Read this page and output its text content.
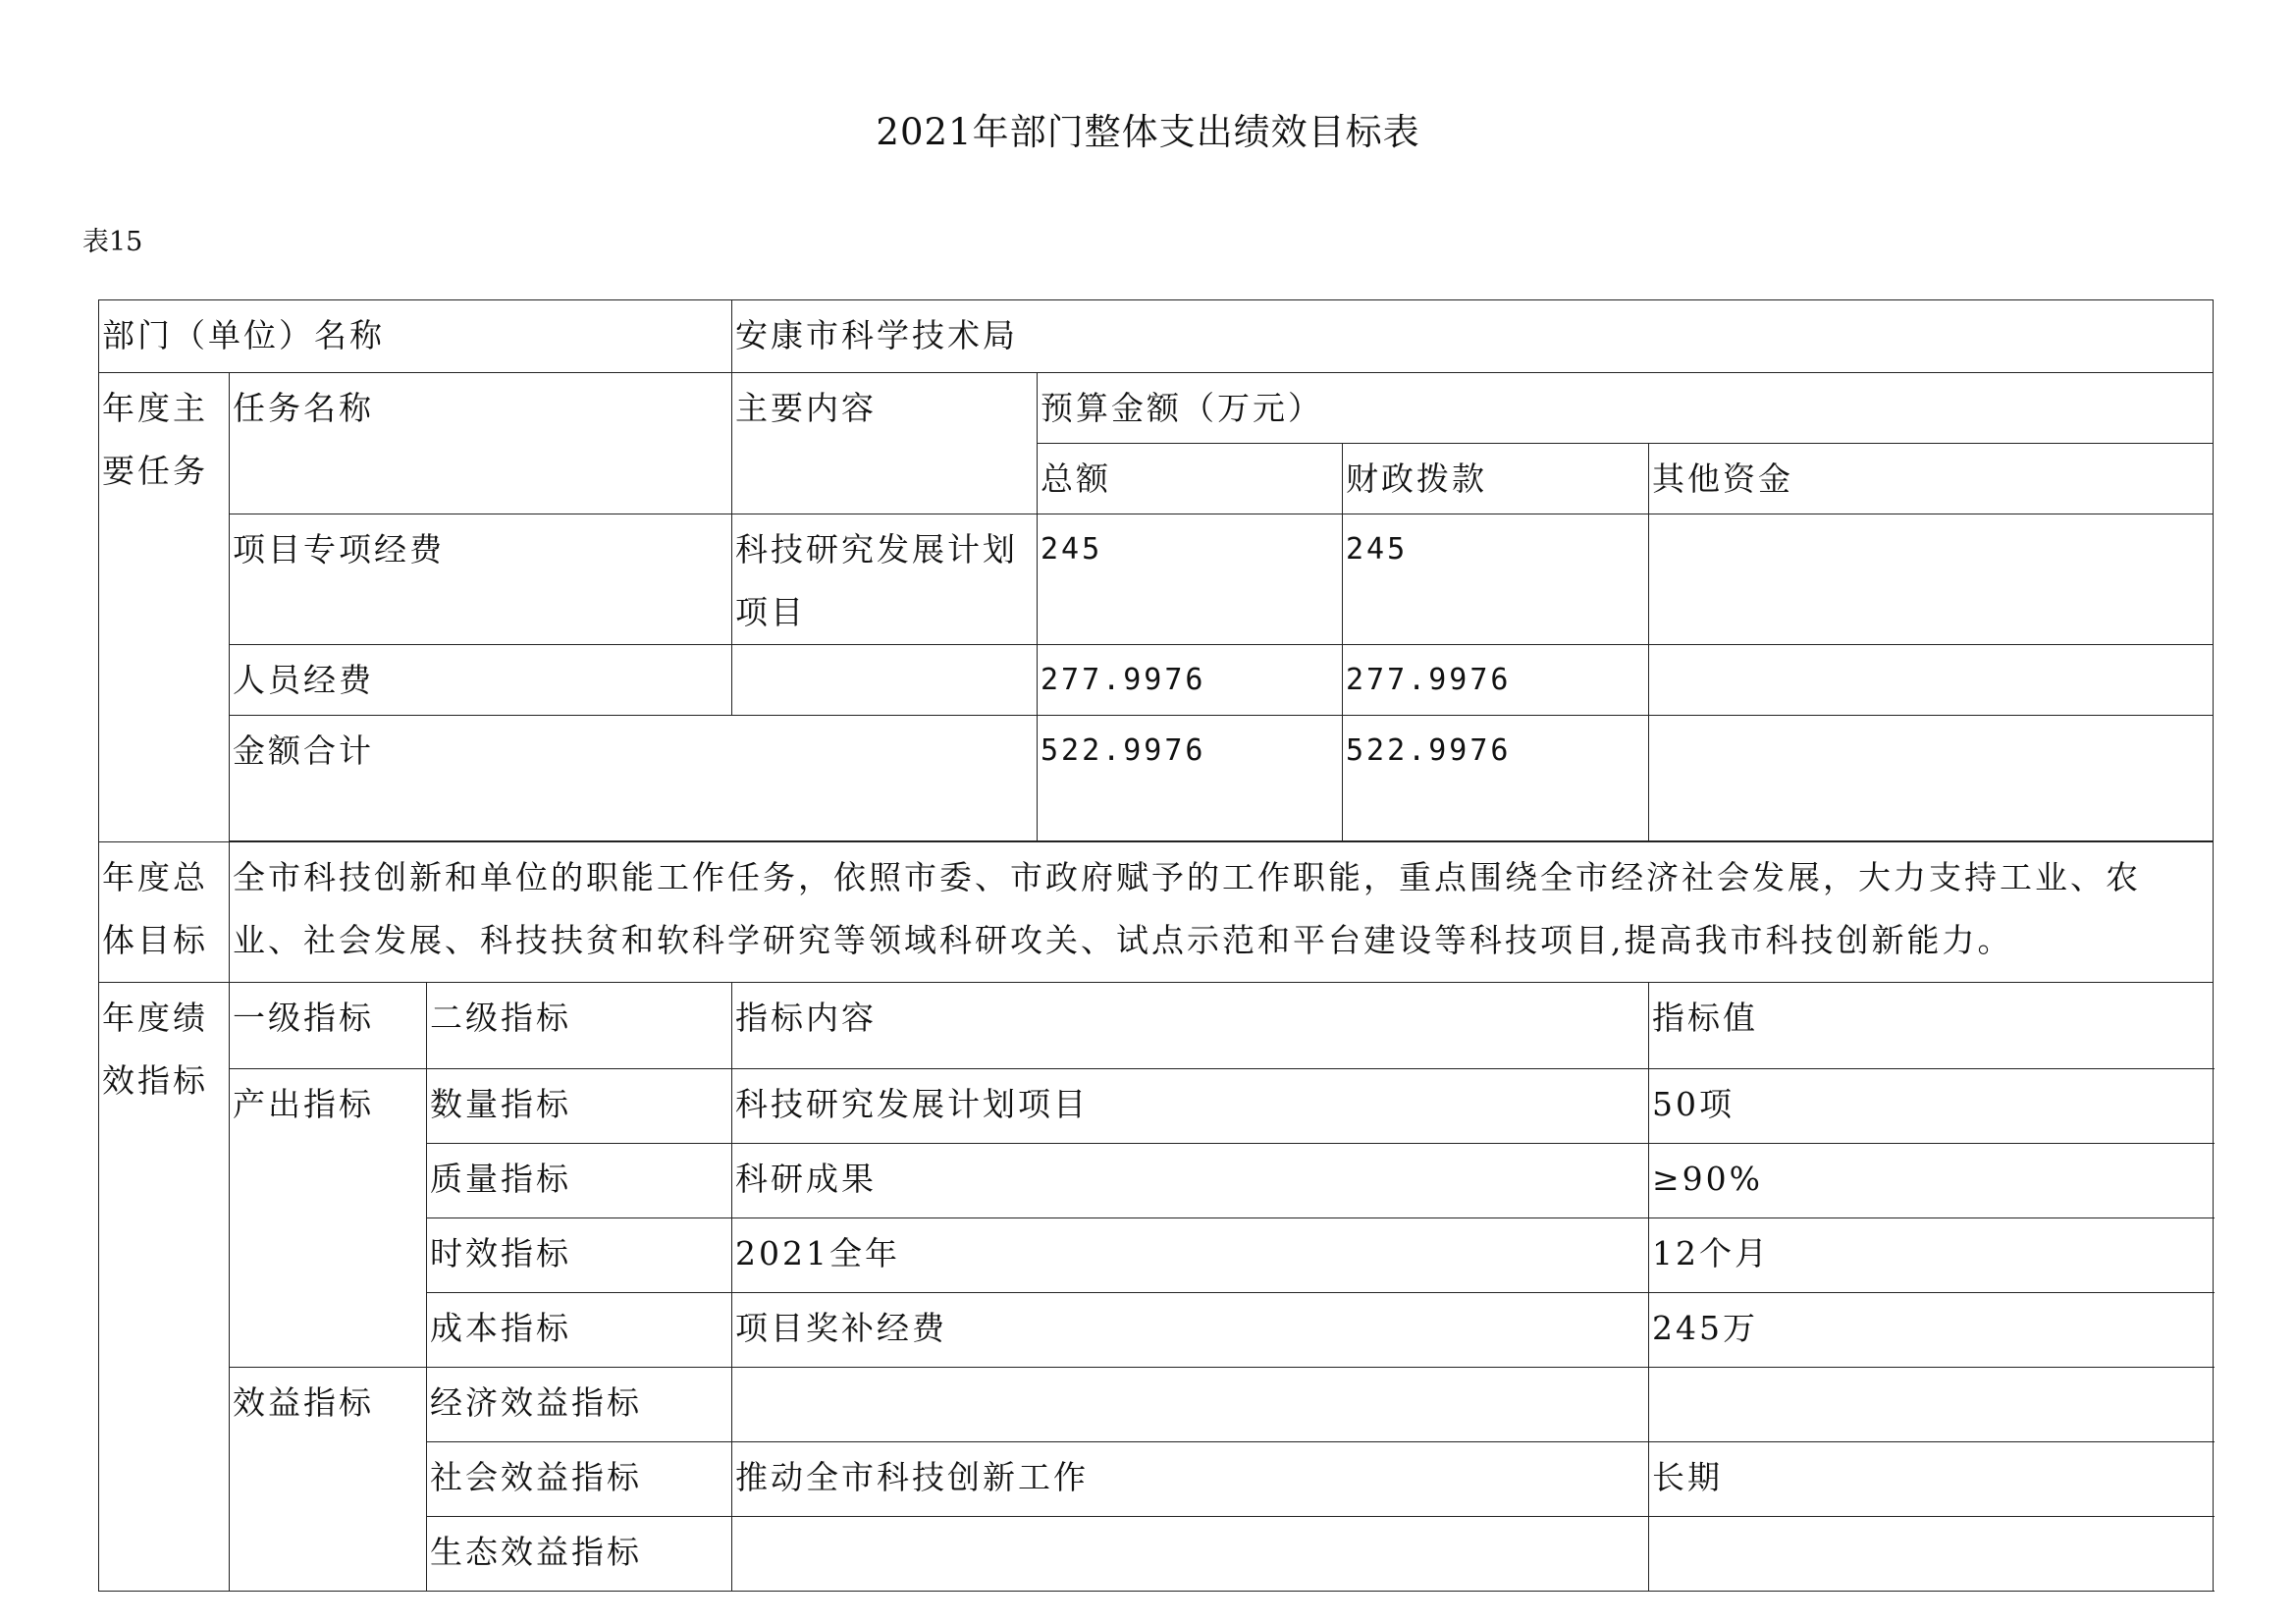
2021年部门整体支出绩效目标表
表15
部门（单位）名称			安康市科学技术局			
年度主要任务	任务名称		主要内容	预算金额（万元）		
				总额	财政拨款	其他资金
	项目专项经费		科技研究发展计划项目	245	245	
	人员经费			277.9976	277.9976	
	金额合计			522.9976	522.9976	

年度总体目标	全市科技创新和单位的职能工作任务，依照市委、市政府赋予的工作职能，重点围绕全市经济社会发展，大力支持工业、农业、社会发展、科技扶贫和软科学研究等领域科研攻关、试点示范和平台建设等科技项目,提高我市科技创新能力。					
年度绩效指标	一级指标	二级指标	指标内容			指标值
	产出指标	数量指标	科技研究发展计划项目			50项
		质量指标	科研成果			≥90%
		时效指标	2021全年			12个月
		成本指标	项目奖补经费			245万
	效益指标	经济效益指标				
		社会效益指标	推动全市科技创新工作			长期
		生态效益指标				
